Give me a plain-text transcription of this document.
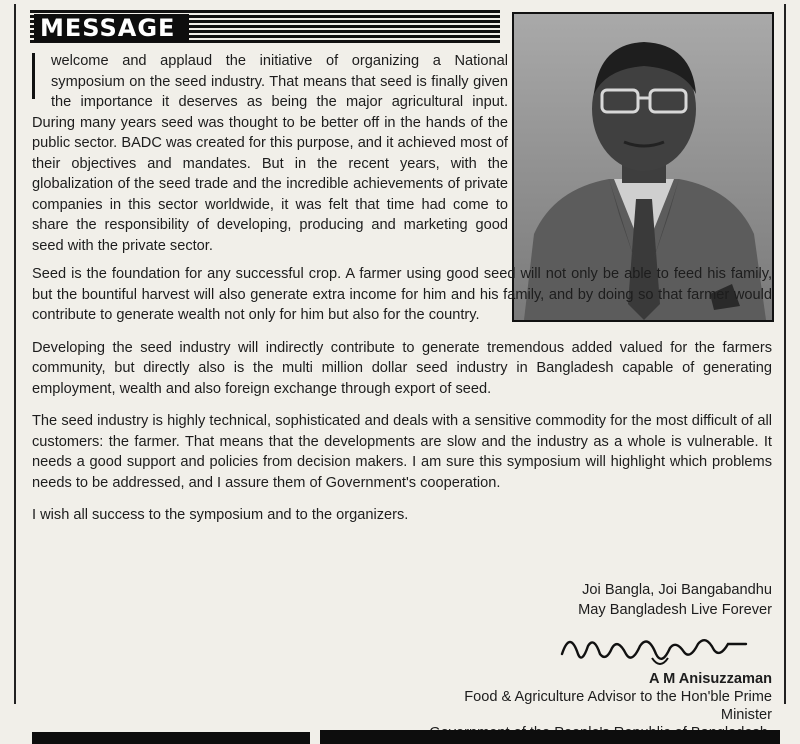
MESSAGE

welcome and applaud the initiative of organizing a National symposium on the seed industry. That means that seed is finally given the importance it deserves as being the major agricultural input. During many years seed was thought to be better off in the hands of the public sector. BADC was created for this purpose, and it achieved most of their objectives and mandates. But in the recent years, with the globalization of the seed trade and the incredible achievements of private companies in this sector worldwide, it was felt that time had come to share the responsibility of developing, producing and marketing good seed with the private sector.

Seed is the foundation for any successful crop. A farmer using good seed will not only be able to feed his family, but the bountiful harvest will also generate extra income for him and his family, and by doing so that farmer would contribute to generate wealth not only for him but also for the country.

Developing the seed industry will indirectly contribute to generate tremendous added valued for the farmers community, but directly also is the multi million dollar seed industry in Bangladesh capable of generating employment, wealth and also foreign exchange through export of seed.

The seed industry is highly technical, sophisticated and deals with a sensitive commodity for the most difficult of all customers: the farmer. That means that the developments are slow and the industry as a whole is vulnerable. It needs a good support and policies from decision makers. I am sure this symposium will highlight which problems needs to be addressed, and I assure them of Government's cooperation.

I wish all success to the symposium and to the organizers.

Joi Bangla, Joi Bangabandhu
May Bangladesh Live Forever
A M Anisuzzaman
Food & Agriculture Advisor to the Hon'ble Prime Minister
